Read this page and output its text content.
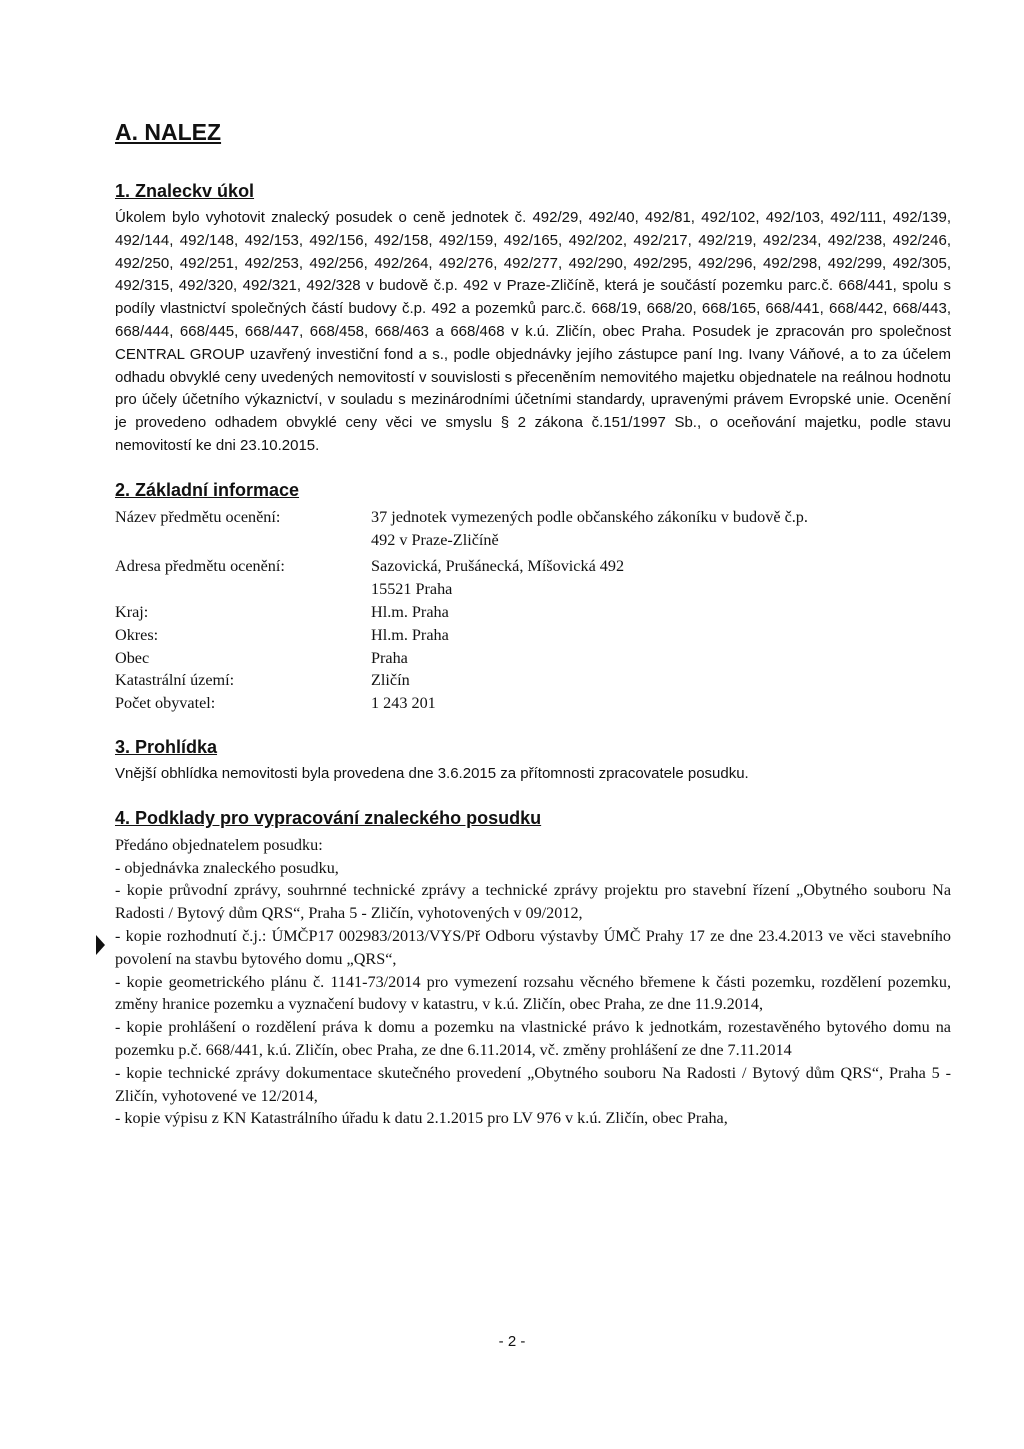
A. NALEZ
1. Znaleckv úkol

Úkolem bylo vyhotovit znalecký posudek o ceně jednotek č. 492/29, 492/40, 492/81, 492/102, 492/103, 492/111, 492/139, 492/144, 492/148, 492/153, 492/156, 492/158, 492/159, 492/165, 492/202, 492/217, 492/219, 492/234, 492/238, 492/246, 492/250, 492/251, 492/253, 492/256, 492/264, 492/276, 492/277, 492/290, 492/295, 492/296, 492/298, 492/299, 492/305, 492/315, 492/320, 492/321, 492/328 v budově č.p. 492 v Praze-Zličíně, která je součástí pozemku parc.č. 668/441, spolu s podíly vlastnictví společných částí budovy č.p. 492 a pozemků parc.č. 668/19, 668/20, 668/165, 668/441, 668/442, 668/443, 668/444, 668/445, 668/447, 668/458, 668/463 a 668/468 v k.ú. Zličín, obec Praha. Posudek je zpracován pro společnost CENTRAL GROUP uzavřený investiční fond a s., podle objednávky jejího zástupce paní Ing. Ivany Váňové, a to za účelem odhadu obvyklé ceny uvedených nemovitostí v souvislosti s přeceněním nemovitého majetku objednatele na reálnou hodnotu pro účely účetního výkaznictví, v souladu s mezinárodními účetními standardy, upravenými právem Evropské unie. Ocenění je provedeno odhadem obvyklé ceny věci ve smyslu § 2 zákona č.151/1997 Sb., o oceňování majetku, podle stavu nemovitostí ke dni 23.10.2015.

2. Základní informace
Název předmětu ocenění:	37 jednotek vymezených podle občanského zákoníku v budově č.p.
492 v Praze-Zličíně
Adresa předmětu ocenění:	Sazovická, Prušánecká, Míšovická 492
15521 Praha
Kraj:	Hl.m. Praha
Okres:	Hl.m. Praha
Obec	Praha
Katastrální území:	Zličín
Počet obyvatel:	1 243 201
3. Prohlídka

Vnější obhlídka nemovitosti byla provedena dne 3.6.2015 za přítomnosti zpracovatele posudku.

4. Podklady pro vypracování znaleckého posudku

Předáno objednatelem posudku:

- objednávka znaleckého posudku,

- kopie průvodní zprávy, souhrnné technické zprávy a technické zprávy projektu pro stavební řízení „Obytného souboru Na Radosti / Bytový dům QRS“, Praha 5 - Zličín, vyhotovených v 09/2012,

- kopie rozhodnutí č.j.: ÚMČP17 002983/2013/VYS/Př Odboru výstavby ÚMČ Prahy 17 ze dne 23.4.2013 ve věci stavebního povolení na stavbu bytového domu „QRS“,

- kopie geometrického plánu č. 1141-73/2014 pro vymezení rozsahu věcného břemene k části pozemku, rozdělení pozemku, změny hranice pozemku a vyznačení budovy v katastru, v k.ú. Zličín, obec Praha, ze dne 11.9.2014,

- kopie prohlášení o rozdělení práva k domu a pozemku na vlastnické právo k jednotkám, rozestavěného bytového domu na pozemku p.č. 668/441, k.ú. Zličín, obec Praha, ze dne 6.11.2014, vč. změny prohlášení ze dne 7.11.2014

- kopie technické zprávy dokumentace skutečného provedení „Obytného souboru Na Radosti / Bytový dům QRS“, Praha 5 - Zličín, vyhotovené ve 12/2014,

- kopie výpisu z KN Katastrálního úřadu k datu 2.1.2015 pro LV 976 v k.ú. Zličín, obec Praha,

- 2 -
